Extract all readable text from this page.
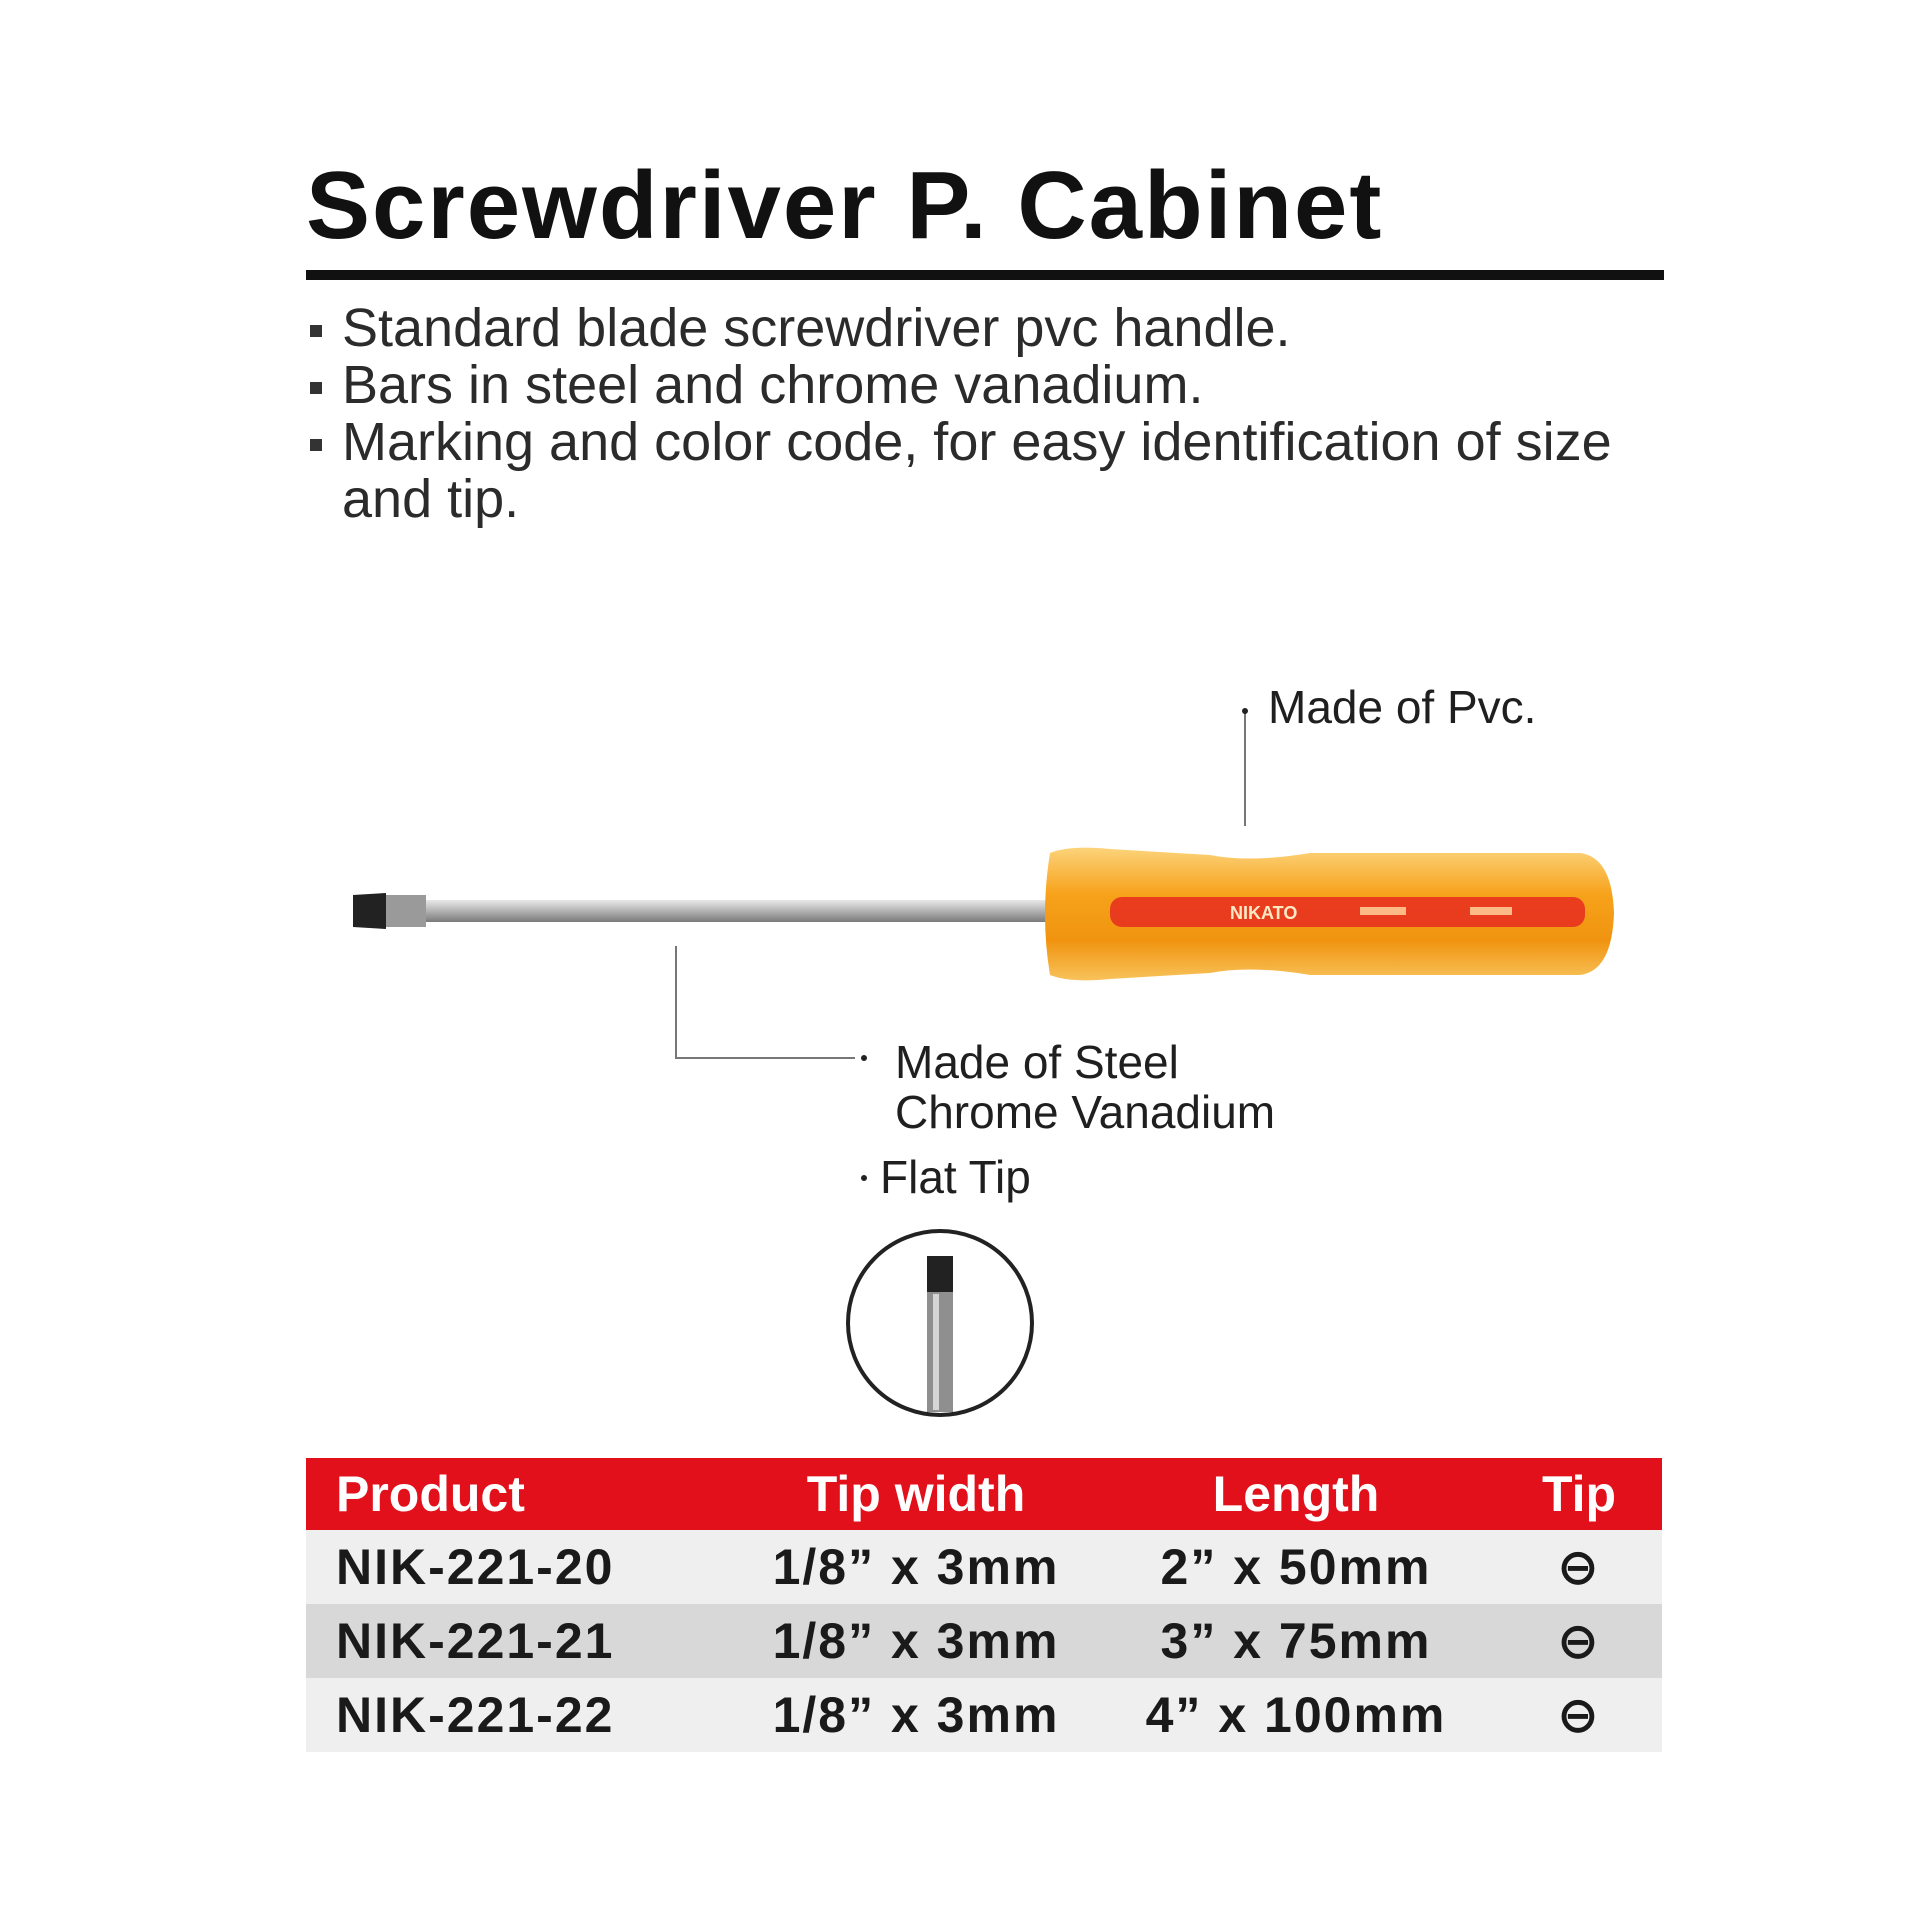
Screwdriver P. Cabinet
Standard blade screwdriver pvc handle.
Bars in steel and chrome vanadium.
Marking and color code, for easy identification of size and tip.
Made of Pvc.
Made of Steel
Chrome Vanadium
Flat Tip
NIKATO
Product	Tip width	Length	Tip
NIK-221-20	1/8” x 3mm	2” x 50mm	⊖
NIK-221-21	1/8” x 3mm	3” x 75mm	⊖
NIK-221-22	1/8” x 3mm	4” x 100mm	⊖
